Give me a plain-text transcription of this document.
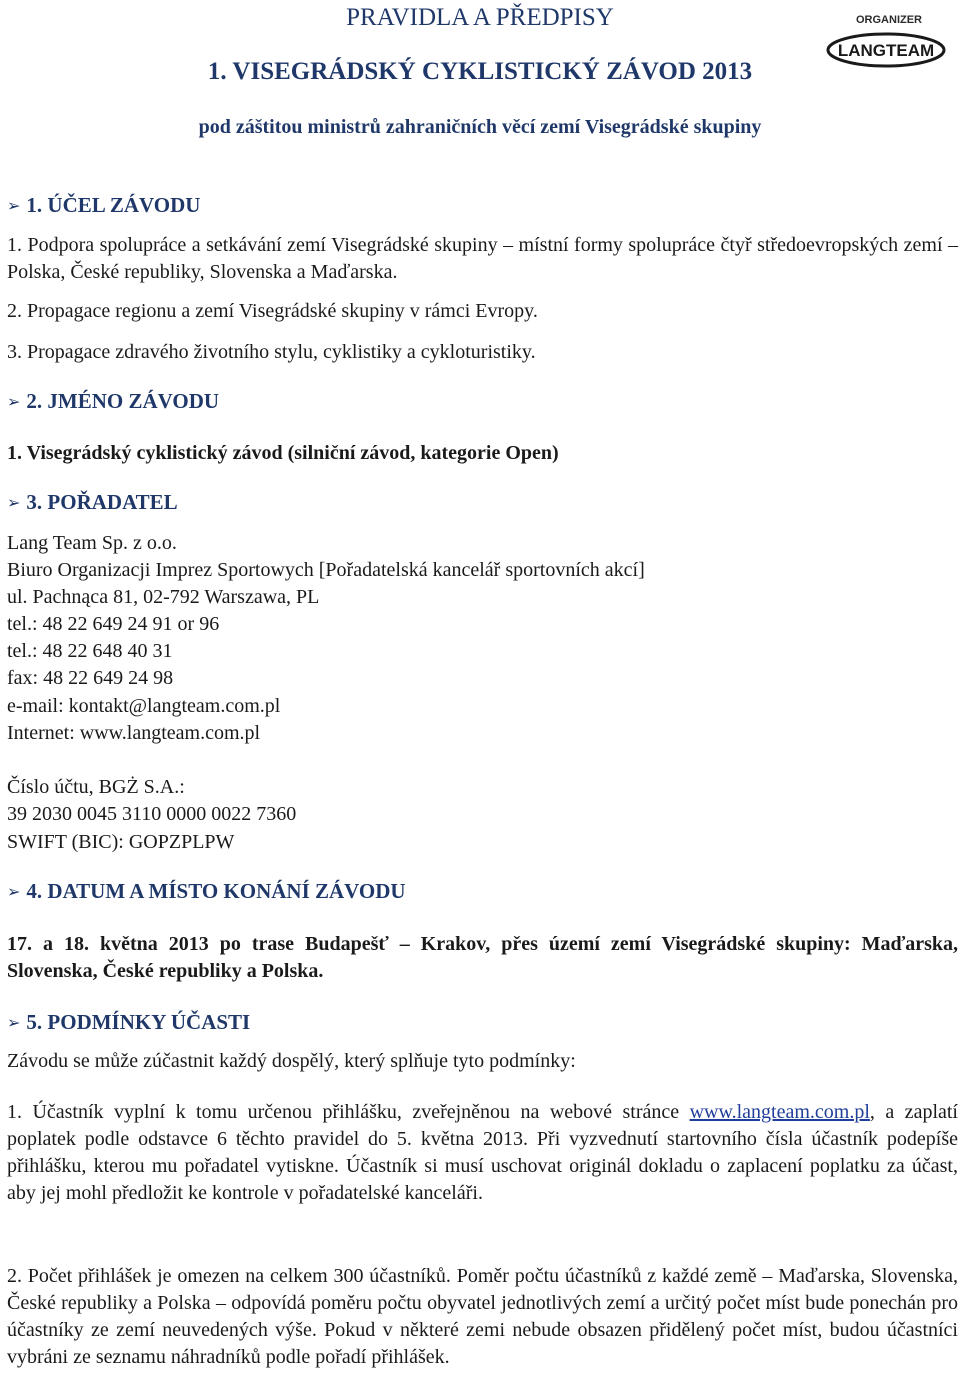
PRAVIDLA A PŘEDPISY
1. VISEGRÁDSKÝ CYKLISTICKÝ ZÁVOD 2013
pod záštitou ministrů zahraničních věcí zemí Visegrádské skupiny
ORGANIZER
LANGTEAM
➢ 1. ÚČEL ZÁVODU
1. Podpora spolupráce a setkávání zemí Visegrádské skupiny – místní formy spolupráce čtyř středoevropských zemí – Polska, České republiky, Slovenska a Maďarska.
2. Propagace regionu a zemí Visegrádské skupiny v rámci Evropy.
3. Propagace zdravého životního stylu, cyklistiky a cykloturistiky.
➢ 2. JMÉNO ZÁVODU
1. Visegrádský cyklistický závod (silniční závod, kategorie Open)
➢ 3. POŘADATEL
Lang Team Sp. z o.o.
Biuro Organizacji Imprez Sportowych [Pořadatelská kancelář sportovních akcí]
ul. Pachnąca 81, 02-792 Warszawa, PL
tel.: 48 22 649 24 91 or 96
tel.: 48 22 648 40 31
fax: 48 22 649 24 98
e-mail: kontakt@langteam.com.pl
Internet: www.langteam.com.pl
Číslo účtu, BGŻ S.A.:
39 2030 0045 3110 0000 0022 7360
SWIFT (BIC): GOPZPLPW
➢ 4. DATUM A MÍSTO KONÁNÍ ZÁVODU
17. a 18. května 2013 po trase Budapešť – Krakov, přes území zemí Visegrádské skupiny: Maďarska, Slovenska, České republiky a Polska.
➢ 5. PODMÍNKY ÚČASTI
Závodu se může zúčastnit každý dospělý, který splňuje tyto podmínky:
1. Účastník vyplní k tomu určenou přihlášku, zveřejněnou na webové stránce www.langteam.com.pl, a zaplatí poplatek podle odstavce 6 těchto pravidel do 5. května 2013. Při vyzvednutí startovního čísla účastník podepíše přihlášku, kterou mu pořadatel vytiskne. Účastník si musí uschovat originál dokladu o zaplacení poplatku za účast, aby jej mohl předložit ke kontrole v pořadatelské kanceláři.
2. Počet přihlášek je omezen na celkem 300 účastníků. Poměr počtu účastníků z každé země – Maďarska, Slovenska, České republiky a Polska – odpovídá poměru počtu obyvatel jednotlivých zemí a určitý počet míst bude ponechán pro účastníky ze zemí neuvedených výše. Pokud v některé zemi nebude obsazen přidělený počet míst, budou účastníci vybráni ze seznamu náhradníků podle pořadí přihlášek.
